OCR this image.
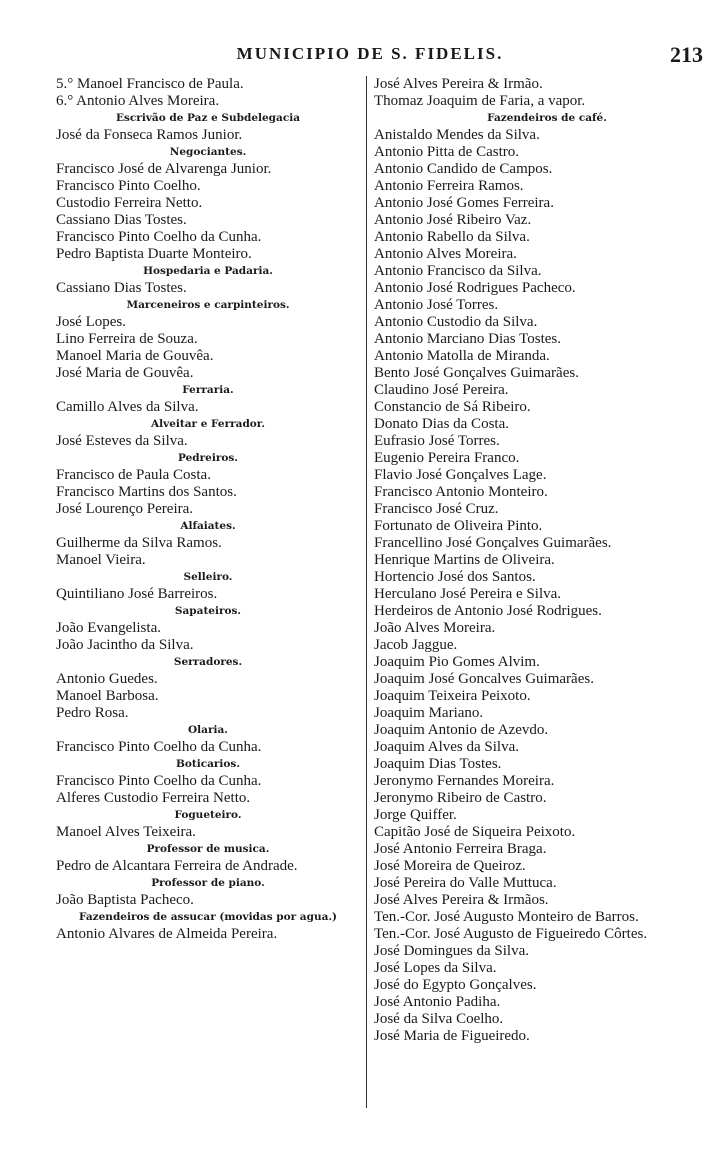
MUNICIPIO DE S. FIDELIS.	213
5.° Manoel Francisco de Paula.
6.° Antonio Alves Moreira.
Escrivão de Paz e Subdelegacia
José da Fonseca Ramos Junior.
Negociantes.
Francisco José de Alvarenga Junior.
Francisco Pinto Coelho.
Custodio Ferreira Netto.
Cassiano Dias Tostes.
Francisco Pinto Coelho da Cunha.
Pedro Baptista Duarte Monteiro.
Hospedaria e Padaria.
Cassiano Dias Tostes.
Marceneiros e carpinteiros.
José Lopes.
Lino Ferreira de Souza.
Manoel Maria de Gouvêa.
José Maria de Gouvêa.
Ferraria.
Camillo Alves da Silva.
Alveitar e Ferrador.
José Esteves da Silva.
Pedreiros.
Francisco de Paula Costa.
Francisco Martins dos Santos.
José Lourenço Pereira.
Alfaiates.
Guilherme da Silva Ramos.
Manoel Vieira.
Selleiro.
Quintiliano José Barreiros.
Sapateiros.
João Evangelista.
João Jacintho da Silva.
Serradores.
Antonio Guedes.
Manoel Barbosa.
Pedro Rosa.
Olaria.
Francisco Pinto Coelho da Cunha.
Boticarios.
Francisco Pinto Coelho da Cunha.
Alferes Custodio Ferreira Netto.
Fogueteiro.
Manoel Alves Teixeira.
Professor de musica.
Pedro de Alcantara Ferreira de Andrade.
Professor de piano.
João Baptista Pacheco.
Fazendeiros de assucar (movidas por agua.)
Antonio Alvares de Almeida Pereira.
José Alves Pereira & Irmão.
Thomaz Joaquim de Faria, a vapor.
Fazendeiros de café.
Anistaldo Mendes da Silva.
Antonio Pitta de Castro.
Antonio Candido de Campos.
Antonio Ferreira Ramos.
Antonio José Gomes Ferreira.
Antonio José Ribeiro Vaz.
Antonio Rabello da Silva.
Antonio Alves Moreira.
Antonio Francisco da Silva.
Antonio José Rodrigues Pacheco.
Antonio José Torres.
Antonio Custodio da Silva.
Antonio Marciano Dias Tostes.
Antonio Matolla de Miranda.
Bento José Gonçalves Guimarães.
Claudino José Pereira.
Constancio de Sá Ribeiro.
Donato Dias da Costa.
Eufrasio José Torres.
Eugenio Pereira Franco.
Flavio José Gonçalves Lage.
Francisco Antonio Monteiro.
Francisco José Cruz.
Fortunato de Oliveira Pinto.
Francellino José Gonçalves Guimarães.
Henrique Martins de Oliveira.
Hortencio José dos Santos.
Herculano José Pereira e Silva.
Herdeiros de Antonio José Rodrigues.
João Alves Moreira.
Jacob Jaggue.
Joaquim Pio Gomes Alvim.
Joaquim José Goncalves Guimarães.
Joaquim Teixeira Peixoto.
Joaquim Mariano.
Joaquim Antonio de Azevdo.
Joaquim Alves da Silva.
Joaquim Dias Tostes.
Jeronymo Fernandes Moreira.
Jeronymo Ribeiro de Castro.
Jorge Quiffer.
Capitão José de Siqueira Peixoto.
José Antonio Ferreira Braga.
José Moreira de Queiroz.
José Pereira do Valle Muttuca.
José Alves Pereira & Irmãos.
Ten.-Cor. José Augusto Monteiro de Barros.
Ten.-Cor. José Augusto de Figueiredo Côrtes.
José Domingues da Silva.
José Lopes da Silva.
José do Egypto Gonçalves.
José Antonio Padiha.
José da Silva Coelho.
José Maria de Figueiredo.
